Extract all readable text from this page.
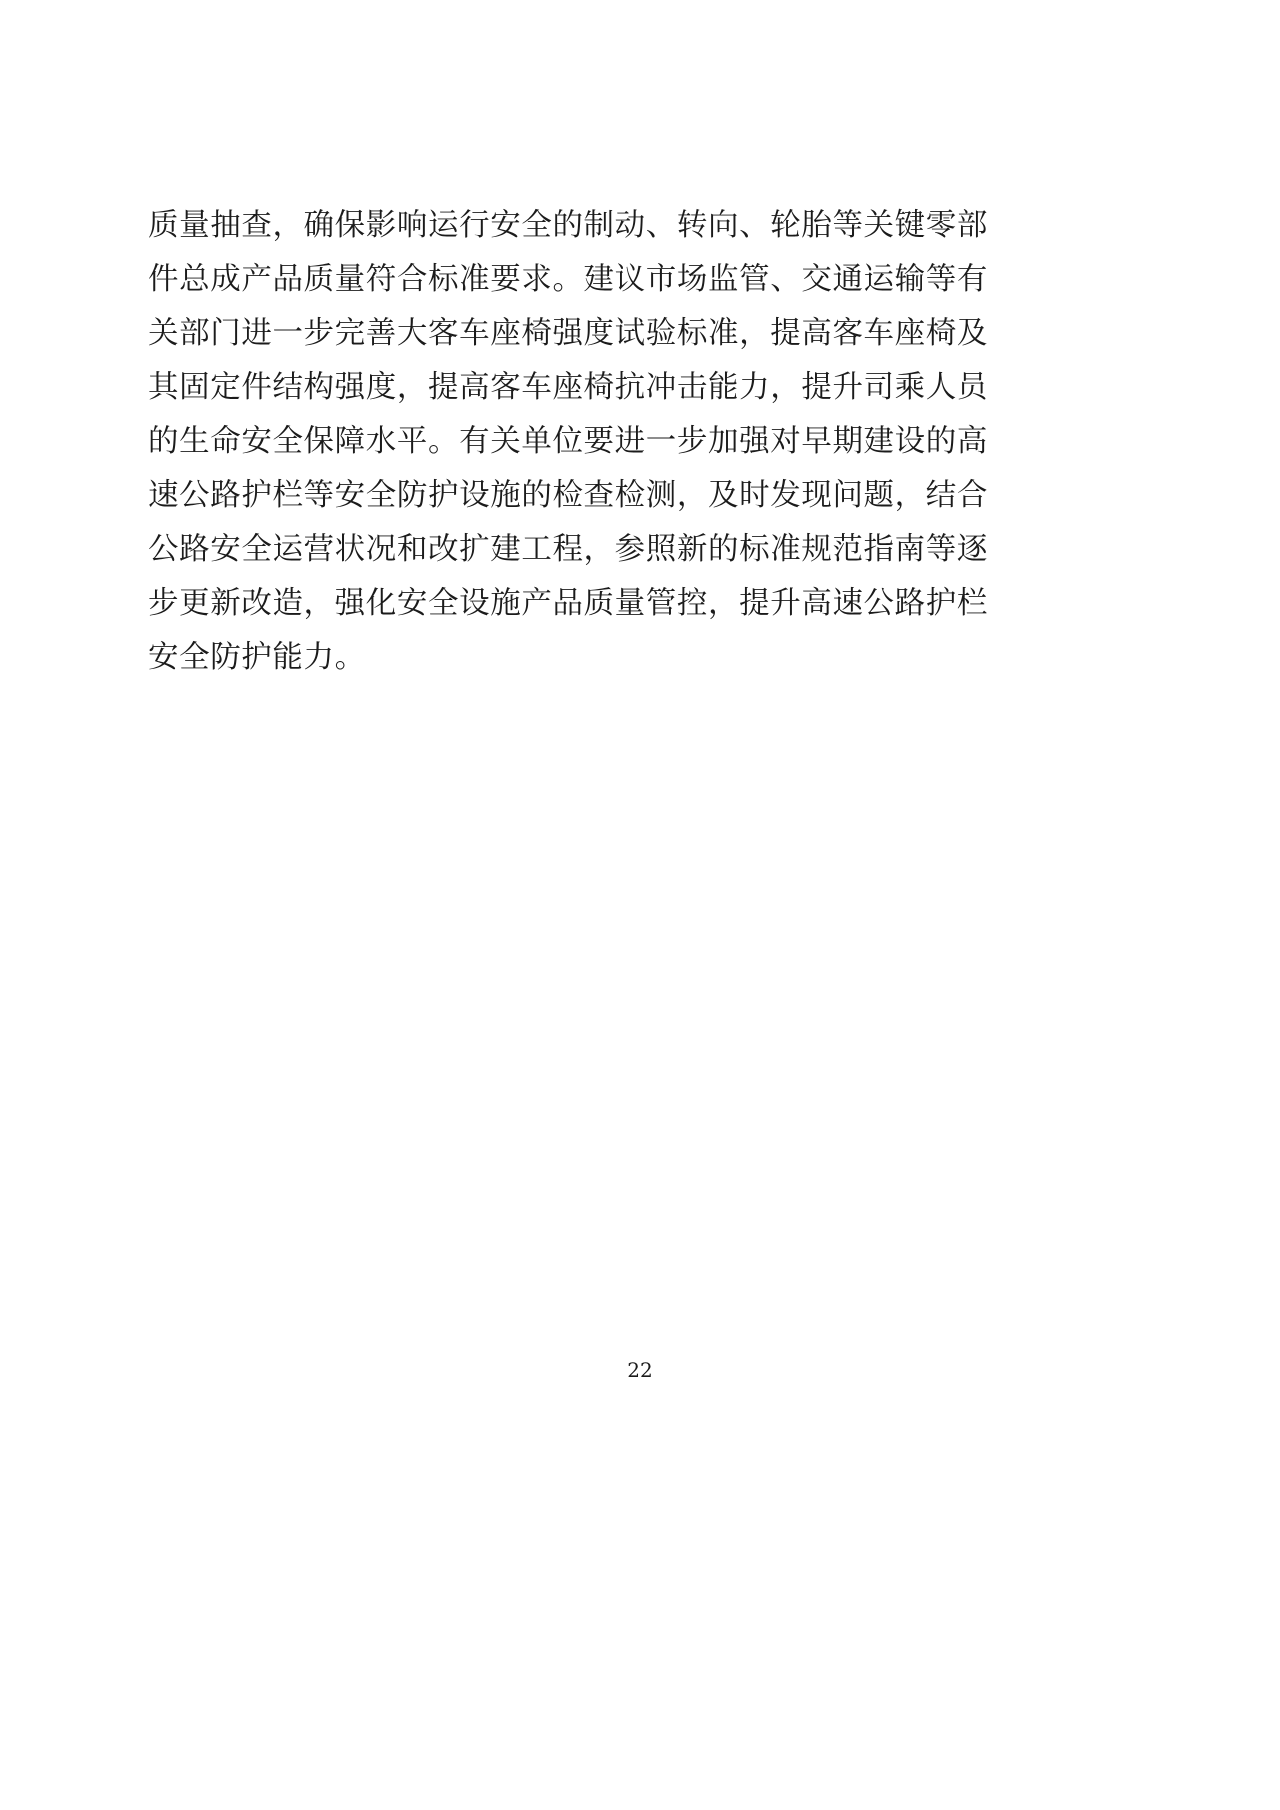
质量抽查，确保影响运行安全的制动、转向、轮胎等关键零部件总成产品质量符合标准要求。建议市场监管、交通运输等有关部门进一步完善大客车座椅强度试验标准，提高客车座椅及其固定件结构强度，提高客车座椅抗冲击能力，提升司乘人员的生命安全保障水平。有关单位要进一步加强对早期建设的高速公路护栏等安全防护设施的检查检测，及时发现问题，结合公路安全运营状况和改扩建工程，参照新的标准规范指南等逐步更新改造，强化安全设施产品质量管控，提升高速公路护栏安全防护能力。

22
